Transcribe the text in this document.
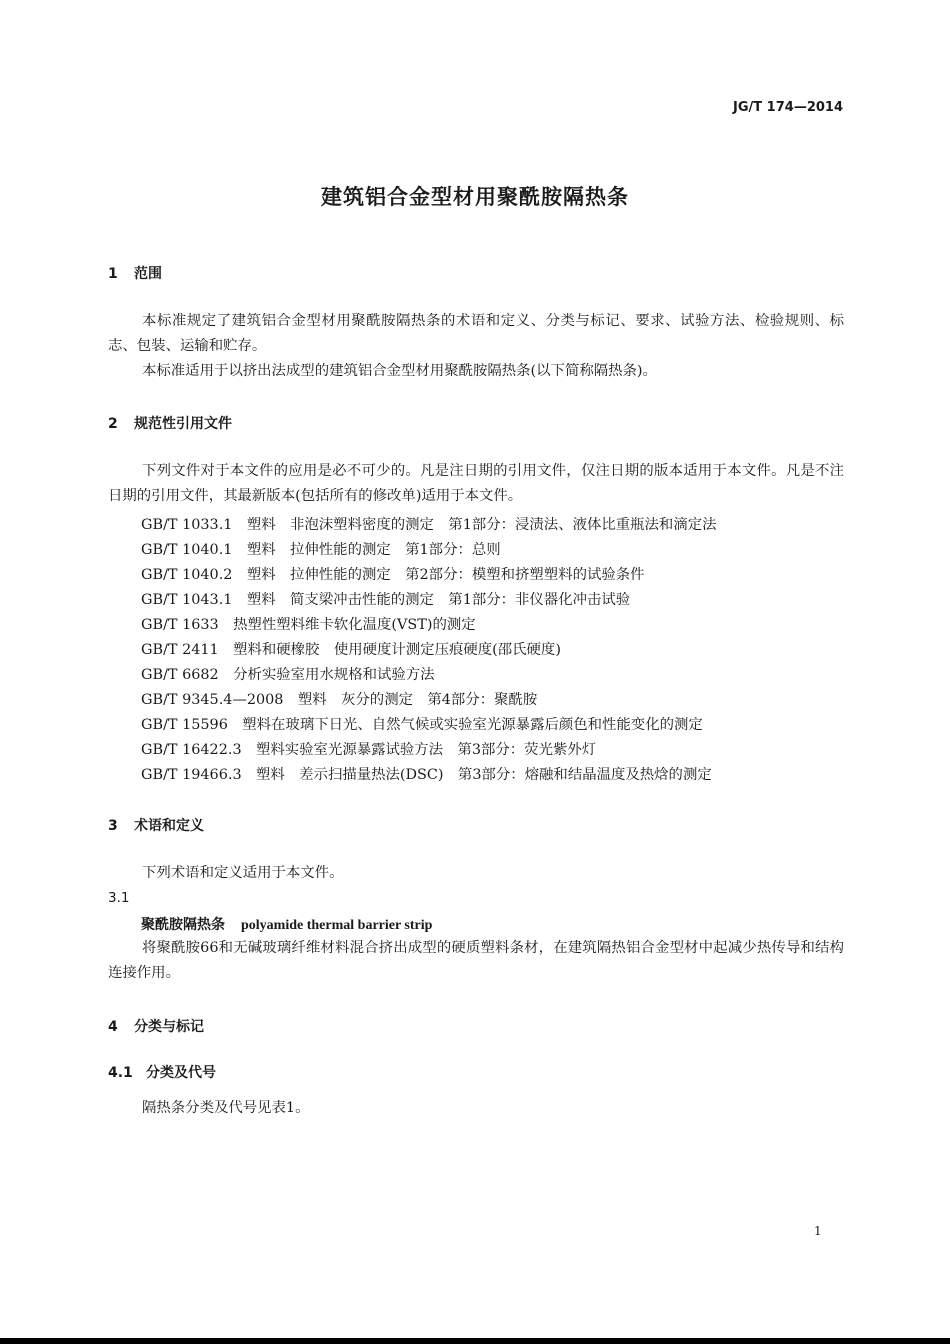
JG/T 174—2014
建筑铝合金型材用聚酰胺隔热条
1 范围
本标准规定了建筑铝合金型材用聚酰胺隔热条的术语和定义、分类与标记、要求、试验方法、检验规则、标志、包装、运输和贮存。
本标准适用于以挤出法成型的建筑铝合金型材用聚酰胺隔热条(以下简称隔热条)。
2 规范性引用文件
下列文件对于本文件的应用是必不可少的。凡是注日期的引用文件，仅注日期的版本适用于本文件。凡是不注日期的引用文件，其最新版本(包括所有的修改单)适用于本文件。
GB/T 1033.1　塑料　非泡沫塑料密度的测定　第1部分：浸渍法、液体比重瓶法和滴定法
GB/T 1040.1　塑料　拉伸性能的测定　第1部分：总则
GB/T 1040.2　塑料　拉伸性能的测定　第2部分：模塑和挤塑塑料的试验条件
GB/T 1043.1　塑料　简支梁冲击性能的测定　第1部分：非仪器化冲击试验
GB/T 1633　热塑性塑料维卡软化温度(VST)的测定
GB/T 2411　塑料和硬橡胶　使用硬度计测定压痕硬度(邵氏硬度)
GB/T 6682　分析实验室用水规格和试验方法
GB/T 9345.4—2008　塑料　灰分的测定　第4部分：聚酰胺
GB/T 15596　塑料在玻璃下日光、自然气候或实验室光源暴露后颜色和性能变化的测定
GB/T 16422.3　塑料实验室光源暴露试验方法　第3部分：荧光紫外灯
GB/T 19466.3　塑料　差示扫描量热法(DSC)　第3部分：熔融和结晶温度及热焓的测定
3 术语和定义
下列术语和定义适用于本文件。
3.1
聚酰胺隔热条 polyamide thermal barrier strip
将聚酰胺66和无碱玻璃纤维材料混合挤出成型的硬质塑料条材，在建筑隔热铝合金型材中起减少热传导和结构连接作用。
4 分类与标记
4.1 分类及代号
隔热条分类及代号见表1。
1
